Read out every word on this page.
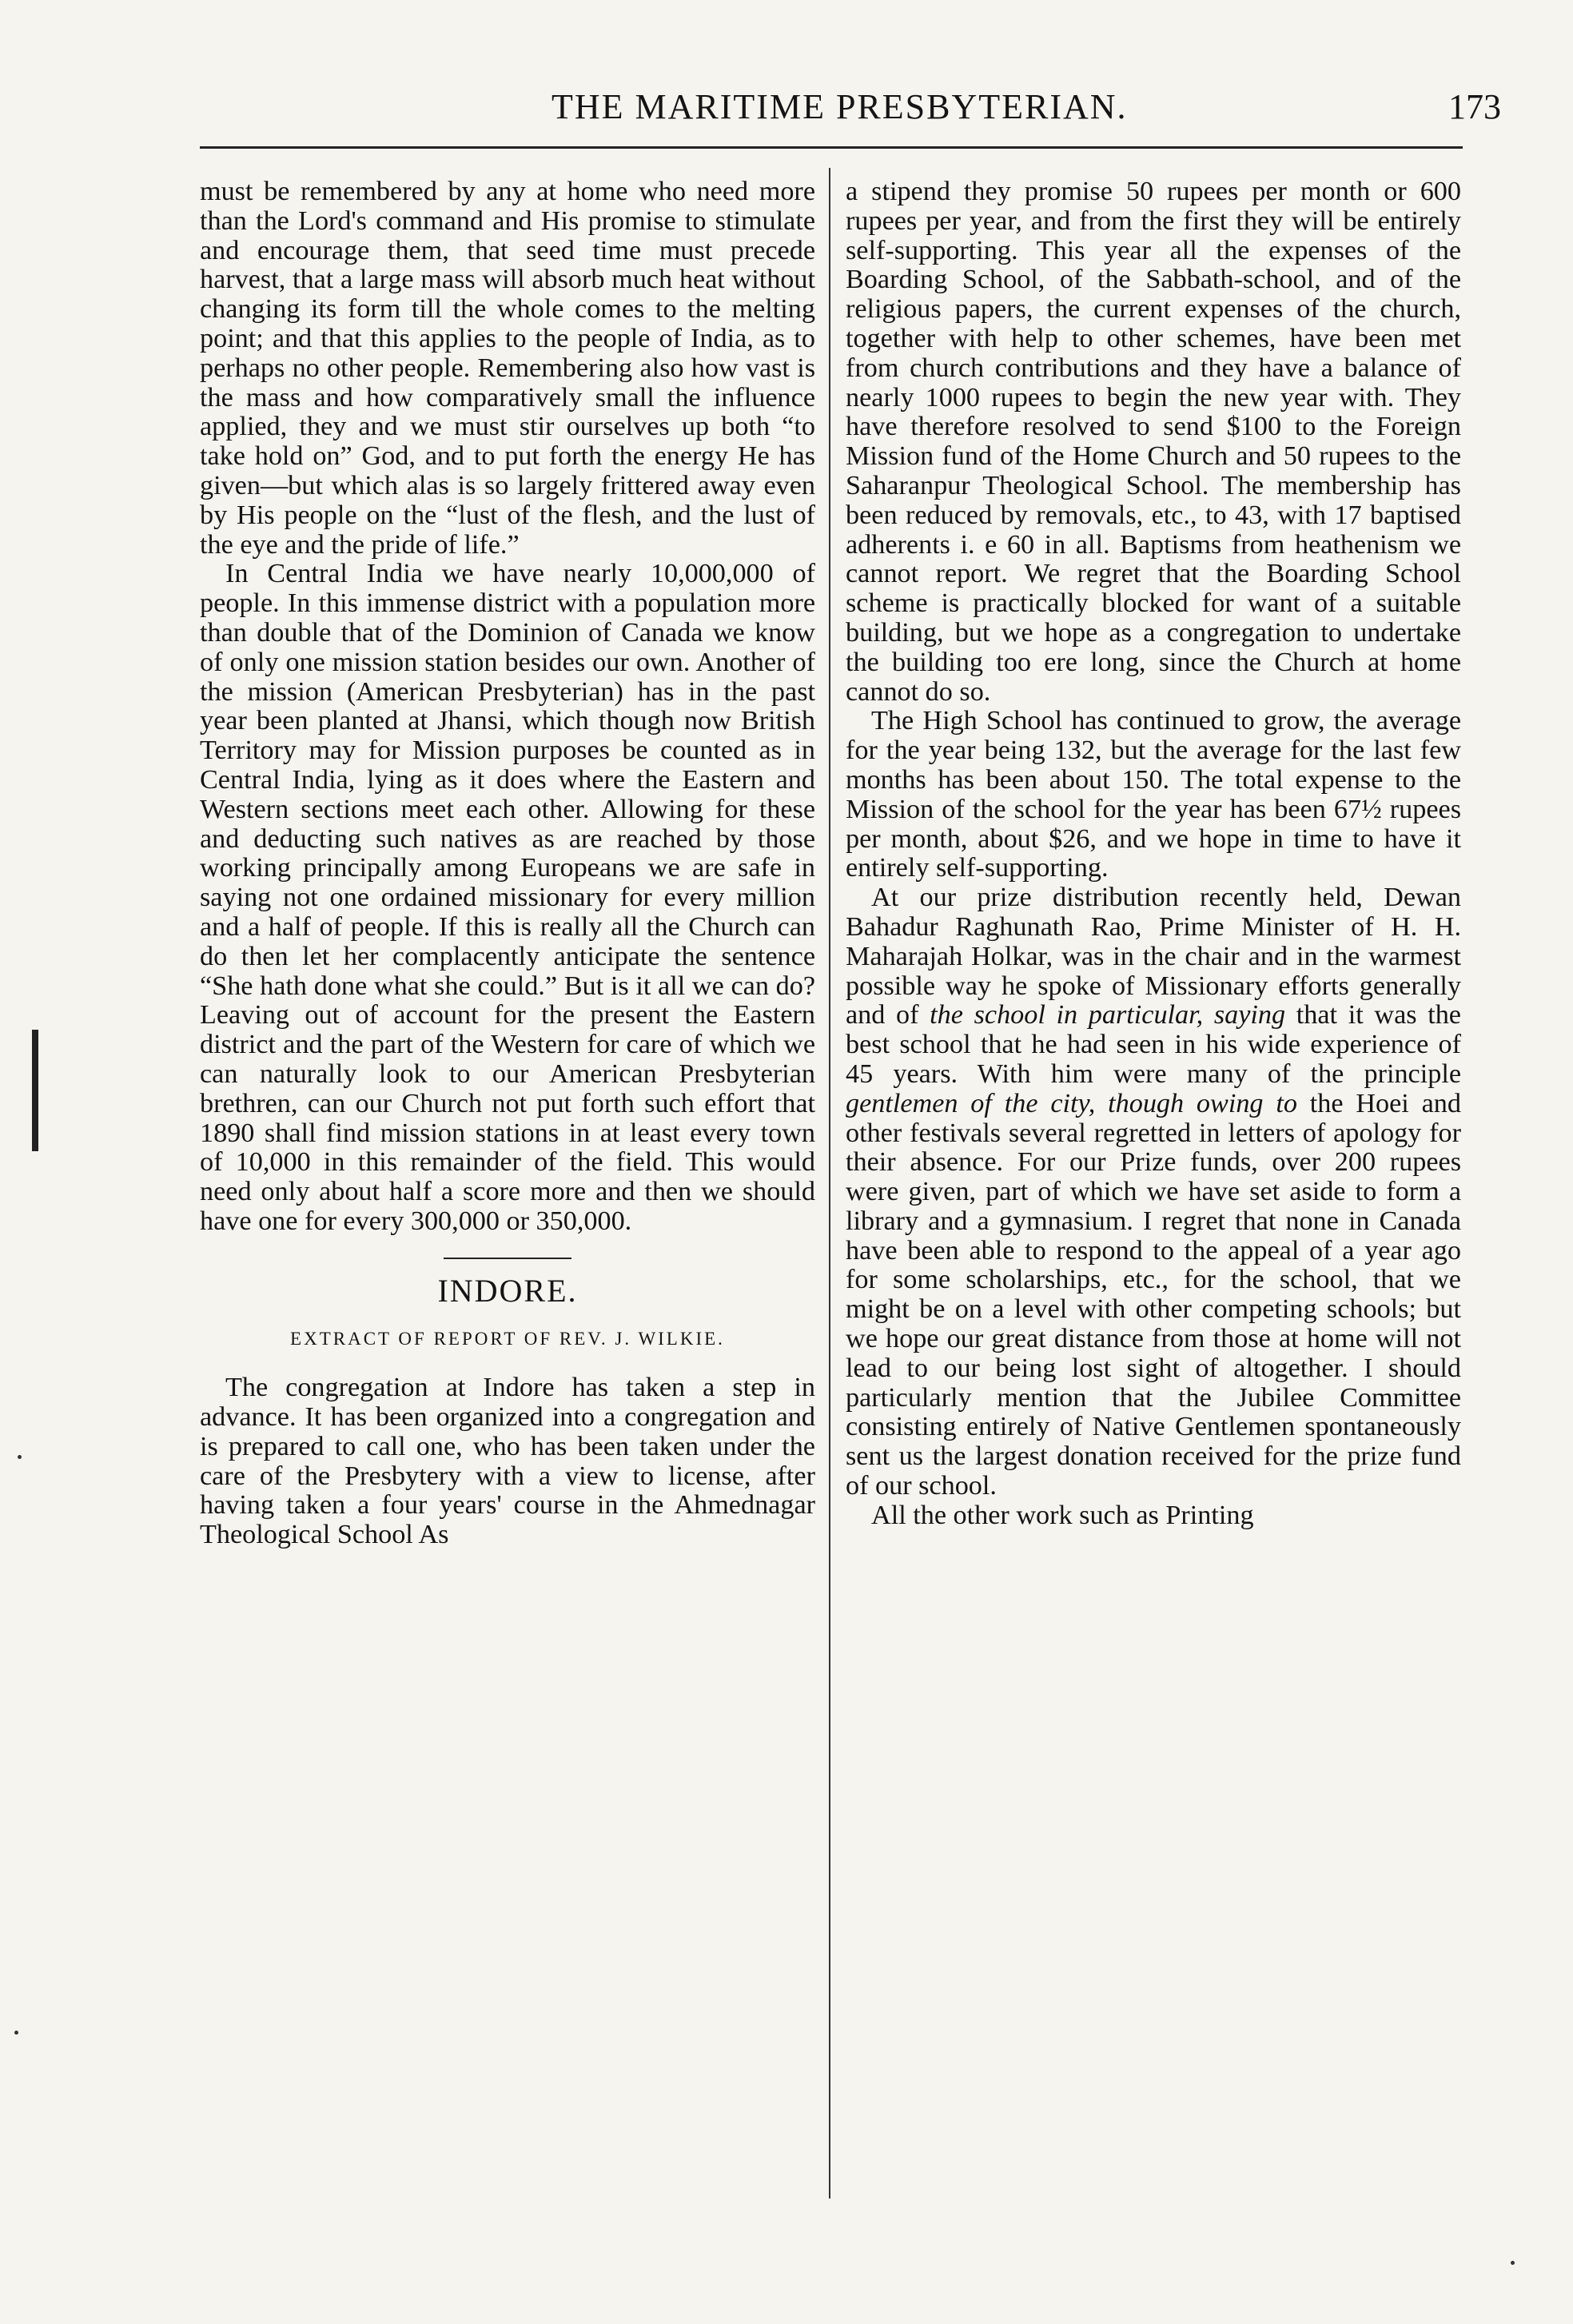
THE MARITIME PRESBYTERIAN.	173

must be remembered by any at home who need more than the Lord's command and His promise to stimulate and encourage them, that seed time must precede harvest, that a large mass will absorb much heat without changing its form till the whole comes to the melting point; and that this applies to the people of India, as to perhaps no other people. Remembering also how vast is the mass and how comparatively small the influence applied, they and we must stir ourselves up both “to take hold on” God, and to put forth the energy He has given—but which alas is so largely frittered away even by His people on the “lust of the flesh, and the lust of the eye and the pride of life.”

In Central India we have nearly 10,000,000 of people. In this immense district with a population more than double that of the Dominion of Canada we know of only one mission station besides our own. Another of the mission (American Presbyterian) has in the past year been planted at Jhansi, which though now British Territory may for Mission purposes be counted as in Central India, lying as it does where the Eastern and Western sections meet each other. Allowing for these and deducting such natives as are reached by those working principally among Europeans we are safe in saying not one ordained missionary for every million and a half of people. If this is really all the Church can do then let her complacently anticipate the sentence “She hath done what she could.” But is it all we can do? Leaving out of account for the present the Eastern district and the part of the Western for care of which we can naturally look to our American Presbyterian brethren, can our Church not put forth such effort that 1890 shall find mission stations in at least every town of 10,000 in this remainder of the field. This would need only about half a score more and then we should have one for every 300,000 or 350,000.

INDORE.
EXTRACT OF REPORT OF REV. J. WILKIE.

The congregation at Indore has taken a step in advance. It has been organized into a congregation and is prepared to call one, who has been taken under the care of the Presbytery with a view to license, after having taken a four years' course in the Ahmednagar Theological School As

a stipend they promise 50 rupees per month or 600 rupees per year, and from the first they will be entirely self-supporting. This year all the expenses of the Boarding School, of the Sabbath-school, and of the religious papers, the current expenses of the church, together with help to other schemes, have been met from church contributions and they have a balance of nearly 1000 rupees to begin the new year with. They have therefore resolved to send $100 to the Foreign Mission fund of the Home Church and 50 rupees to the Saharanpur Theological School. The membership has been reduced by removals, etc., to 43, with 17 baptised adherents i. e 60 in all. Baptisms from heathenism we cannot report. We regret that the Boarding School scheme is practically blocked for want of a suitable building, but we hope as a congregation to undertake the building too ere long, since the Church at home cannot do so.

The High School has continued to grow, the average for the year being 132, but the average for the last few months has been about 150. The total expense to the Mission of the school for the year has been 67½ rupees per month, about $26, and we hope in time to have it entirely self-supporting.

At our prize distribution recently held, Dewan Bahadur Raghunath Rao, Prime Minister of H. H. Maharajah Holkar, was in the chair and in the warmest possible way he spoke of Missionary efforts generally and of the school in particular, saying that it was the best school that he had seen in his wide experience of 45 years. With him were many of the principle gentlemen of the city, though owing to the Hoei and other festivals several regretted in letters of apology for their absence. For our Prize funds, over 200 rupees were given, part of which we have set aside to form a library and a gymnasium. I regret that none in Canada have been able to respond to the appeal of a year ago for some scholarships, etc., for the school, that we might be on a level with other competing schools; but we hope our great distance from those at home will not lead to our being lost sight of altogether. I should particularly mention that the Jubilee Committee consisting entirely of Native Gentlemen spontaneously sent us the largest donation received for the prize fund of our school.

All the other work such as Printing
